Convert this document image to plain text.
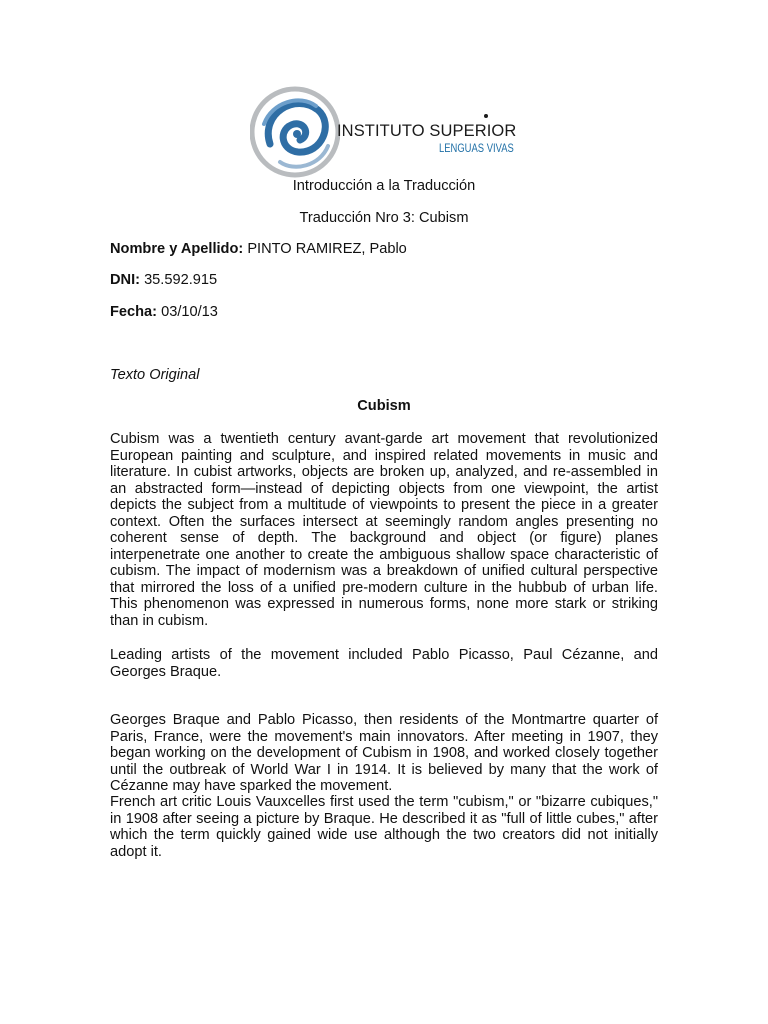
INSTITUTO SUPERIOR
LENGUAS VIVAS
Introducción a la Traducción
Traducción Nro 3: Cubism
Nombre y Apellido: PINTO RAMIREZ, Pablo
DNI: 35.592.915
Fecha: 03/10/13
Texto Original
Cubism

Cubism was a twentieth century avant-garde art movement that revolutionized European painting and sculpture, and inspired related movements in music and literature. In cubist artworks, objects are broken up, analyzed, and re-assembled in an abstracted form—instead of depicting objects from one viewpoint, the artist depicts the subject from a multitude of viewpoints to present the piece in a greater context. Often the surfaces intersect at seemingly random angles presenting no coherent sense of depth. The background and object (or figure) planes interpenetrate one another to create the ambiguous shallow space characteristic of cubism. The impact of modernism was a breakdown of unified cultural perspective that mirrored the loss of a unified pre-modern culture in the hubbub of urban life. This phenomenon was expressed in numerous forms, none more stark or striking than in cubism.

Leading artists of the movement included Pablo Picasso, Paul Cézanne, and Georges Braque.

Georges Braque and Pablo Picasso, then residents of the Montmartre quarter of Paris, France, were the movement's main innovators. After meeting in 1907, they began working on the development of Cubism in 1908, and worked closely together until the outbreak of World War I in 1914. It is believed by many that the work of Cézanne may have sparked the movement.

French art critic Louis Vauxcelles first used the term "cubism," or "bizarre cubiques," in 1908 after seeing a picture by Braque. He described it as "full of little cubes," after which the term quickly gained wide use although the two creators did not initially adopt it.
